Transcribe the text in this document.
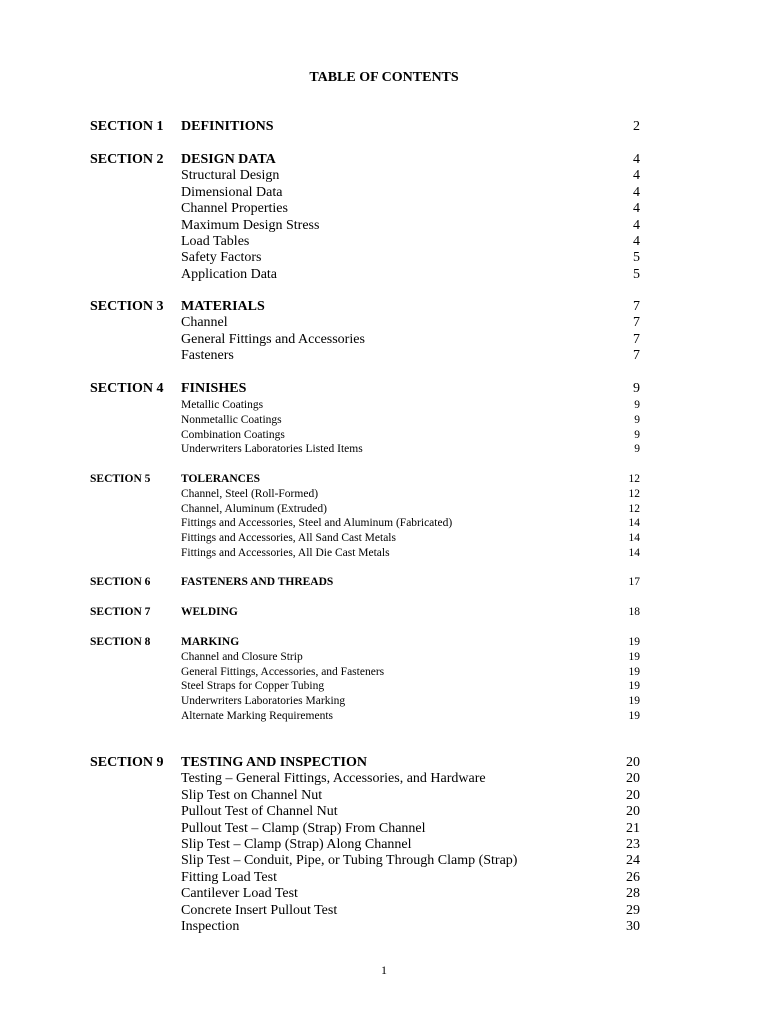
TABLE OF CONTENTS
SECTION 1 DEFINITIONS	2
SECTION 2 DESIGN DATA	4
Structural Design	4
Dimensional Data	4
Channel Properties	4
Maximum Design Stress	4
Load Tables	4
Safety Factors	5
Application Data	5
SECTION 3 MATERIALS	7
Channel	7
General Fittings and Accessories	7
Fasteners	7
SECTION 4 FINISHES	9
Metallic Coatings	9
Nonmetallic Coatings	9
Combination Coatings	9
Underwriters Laboratories Listed Items	9
SECTION 5	TOLERANCES	12
Channel, Steel (Roll-Formed)	12
Channel, Aluminum (Extruded)	12
Fittings and Accessories, Steel and Aluminum (Fabricated)	14
Fittings and Accessories, All Sand Cast Metals	14
Fittings and Accessories, All Die Cast Metals	14
SECTION 6	FASTENERS AND THREADS	17
SECTION 7	WELDING	18
SECTION 8	MARKING	19
Channel and Closure Strip	19
General Fittings, Accessories, and Fasteners	19
Steel Straps for Copper Tubing	19
Underwriters Laboratories Marking	19
Alternate Marking Requirements	19
SECTION 9 TESTING AND INSPECTION	20
Testing – General Fittings, Accessories, and Hardware	20
Slip Test on Channel Nut	20
Pullout Test of Channel Nut	20
Pullout Test – Clamp (Strap) From Channel	21
Slip Test – Clamp (Strap) Along Channel	23
Slip Test – Conduit, Pipe, or Tubing Through Clamp (Strap)	24
Fitting Load Test	26
Cantilever Load Test	28
Concrete Insert Pullout Test	29
Inspection	30
1
